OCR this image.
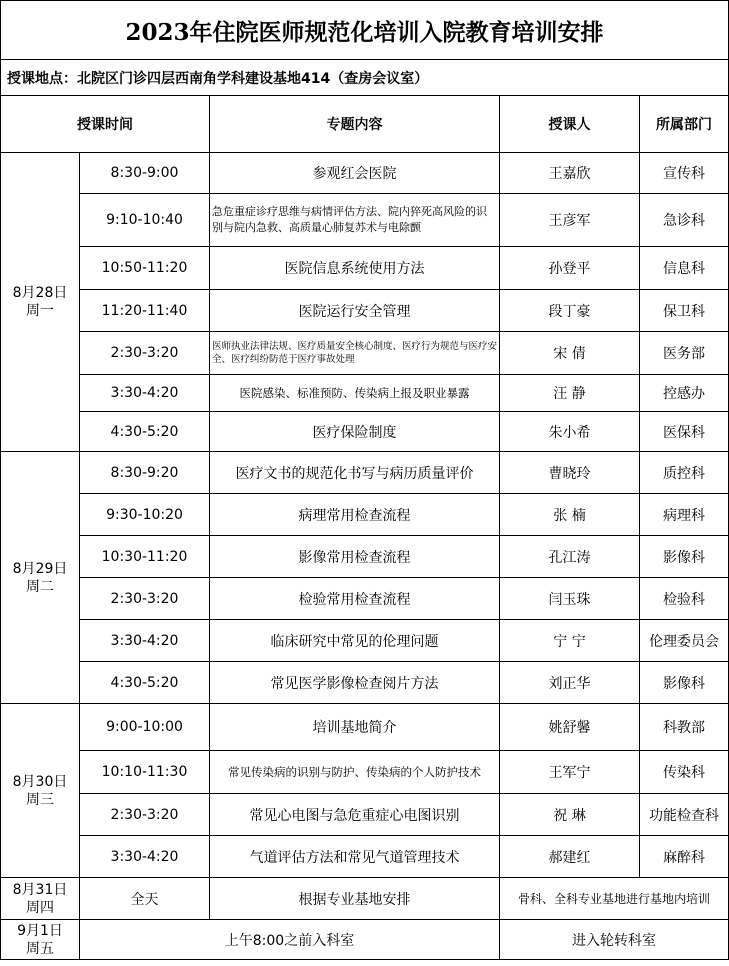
2023年住院医师规范化培训入院教育培训安排				
授课地点：北院区门诊四层西南角学科建设基地414（查房会议室）				
授课时间		专题内容	授课人	所属部门

8月28日
周一	8:30-9:00	参观红会医院	王嘉欣	宣传科
	9:10-10:40	急危重症诊疗思维与病情评估方法、院内猝死高风险的识别与院内急救、高质量心肺复苏术与电除颤	王彦军	急诊科
	10:50-11:20	医院信息系统使用方法	孙登平	信息科
	11:20-11:40	医院运行安全管理	段丁豪	保卫科
	2:30-3:20	医师执业法律法规、医疗质量安全核心制度、医疗行为规范与医疗安全、医疗纠纷防范于医疗事故处理	宋 倩	医务部
	3:30-4:20	医院感染、标准预防、传染病上报及职业暴露	汪 静	控感办
	4:30-5:20	医疗保险制度	朱小希	医保科

8月29日
周二	8:30-9:20	医疗文书的规范化书写与病历质量评价	曹晓玲	质控科
	9:30-10:20	病理常用检查流程	张 楠	病理科
	10:30-11:20	影像常用检查流程	孔江涛	影像科
	2:30-3:20	检验常用检查流程	闫玉珠	检验科
	3:30-4:20	临床研究中常见的伦理问题	宁 宁	伦理委员会
	4:30-5:20	常见医学影像检查阅片方法	刘正华	影像科

8月30日
周三	9:00-10:00	培训基地简介	姚舒馨	科教部
	10:10-11:30	常见传染病的识别与防护、传染病的个人防护技术	王军宁	传染科
	2:30-3:20	常见心电图与急危重症心电图识别	祝 琳	功能检查科
	3:30-4:20	气道评估方法和常见气道管理技术	郝建红	麻醉科

8月31日
周四	全天	根据专业基地安排	骨科、全科专业基地进行基地内培训	

9月1日
周五	上午8:00之前入科室		进入轮转科室	
